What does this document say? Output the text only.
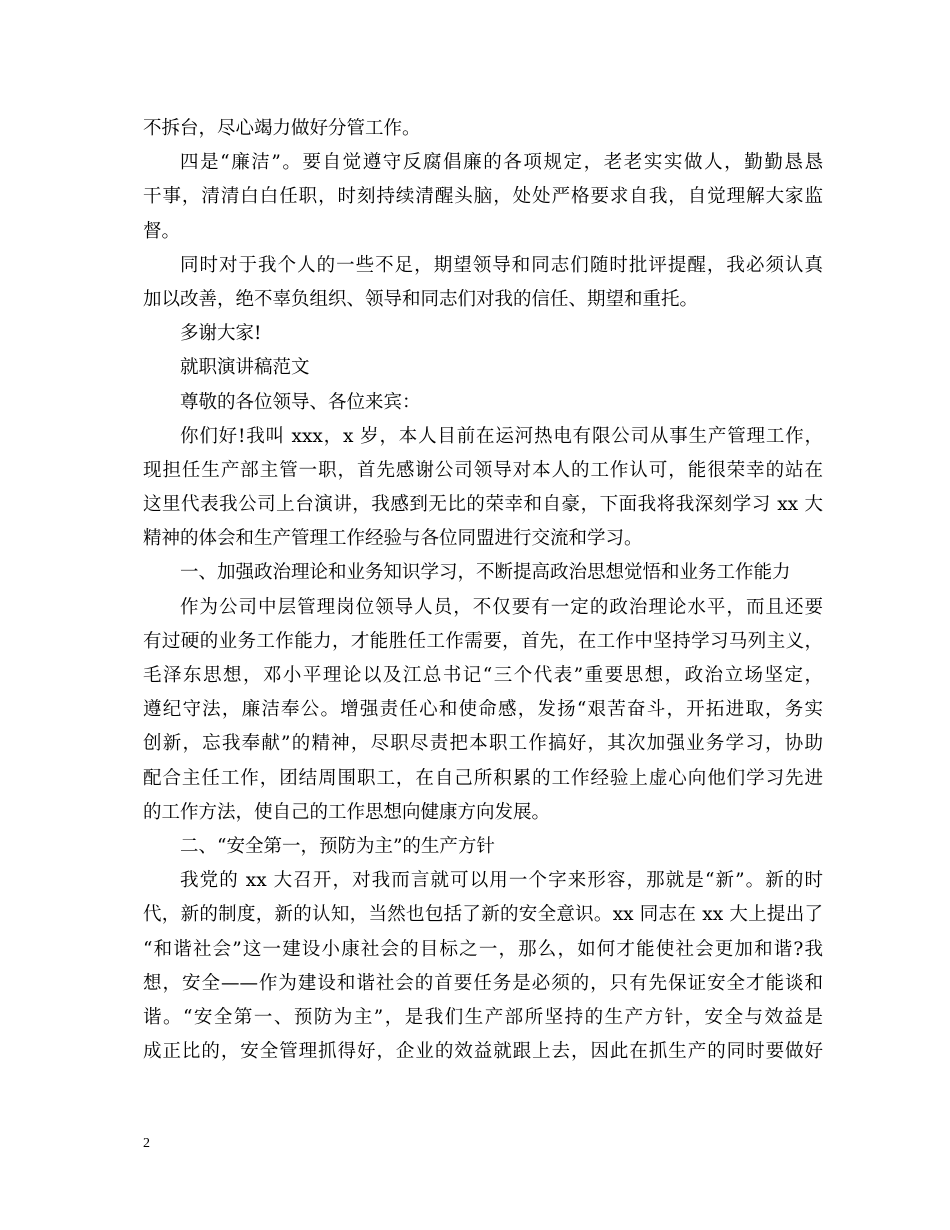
不拆台，尽心竭力做好分管工作。
四是“廉洁”。要自觉遵守反腐倡廉的各项规定，老老实实做人，勤勤恳恳
干事，清清白白任职，时刻持续清醒头脑，处处严格要求自我，自觉理解大家监
督。
同时对于我个人的一些不足，期望领导和同志们随时批评提醒，我必须认真
加以改善，绝不辜负组织、领导和同志们对我的信任、期望和重托。
多谢大家!
就职演讲稿范文
尊敬的各位领导、各位来宾：
你们好!我叫 xxx，x 岁，本人目前在运河热电有限公司从事生产管理工作，
现担任生产部主管一职，首先感谢公司领导对本人的工作认可，能很荣幸的站在
这里代表我公司上台演讲，我感到无比的荣幸和自豪，下面我将我深刻学习 xx 大
精神的体会和生产管理工作经验与各位同盟进行交流和学习。
一、加强政治理论和业务知识学习，不断提高政治思想觉悟和业务工作能力
作为公司中层管理岗位领导人员，不仅要有一定的政治理论水平，而且还要
有过硬的业务工作能力，才能胜任工作需要，首先，在工作中坚持学习马列主义，
毛泽东思想，邓小平理论以及江总书记“三个代表”重要思想，政治立场坚定，
遵纪守法，廉洁奉公。增强责任心和使命感，发扬“艰苦奋斗，开拓进取，务实
创新，忘我奉献”的精神，尽职尽责把本职工作搞好，其次加强业务学习，协助
配合主任工作，团结周围职工，在自己所积累的工作经验上虚心向他们学习先进
的工作方法，使自己的工作思想向健康方向发展。
二、“安全第一，预防为主”的生产方针
我党的 xx 大召开，对我而言就可以用一个字来形容，那就是“新”。新的时
代，新的制度，新的认知，当然也包括了新的安全意识。xx 同志在 xx 大上提出了
“和谐社会”这一建设小康社会的目标之一，那么，如何才能使社会更加和谐?我
想，安全——作为建设和谐社会的首要任务是必须的，只有先保证安全才能谈和
谐。“安全第一、预防为主”，是我们生产部所坚持的生产方针，安全与效益是
成正比的，安全管理抓得好，企业的效益就跟上去，因此在抓生产的同时要做好
2
